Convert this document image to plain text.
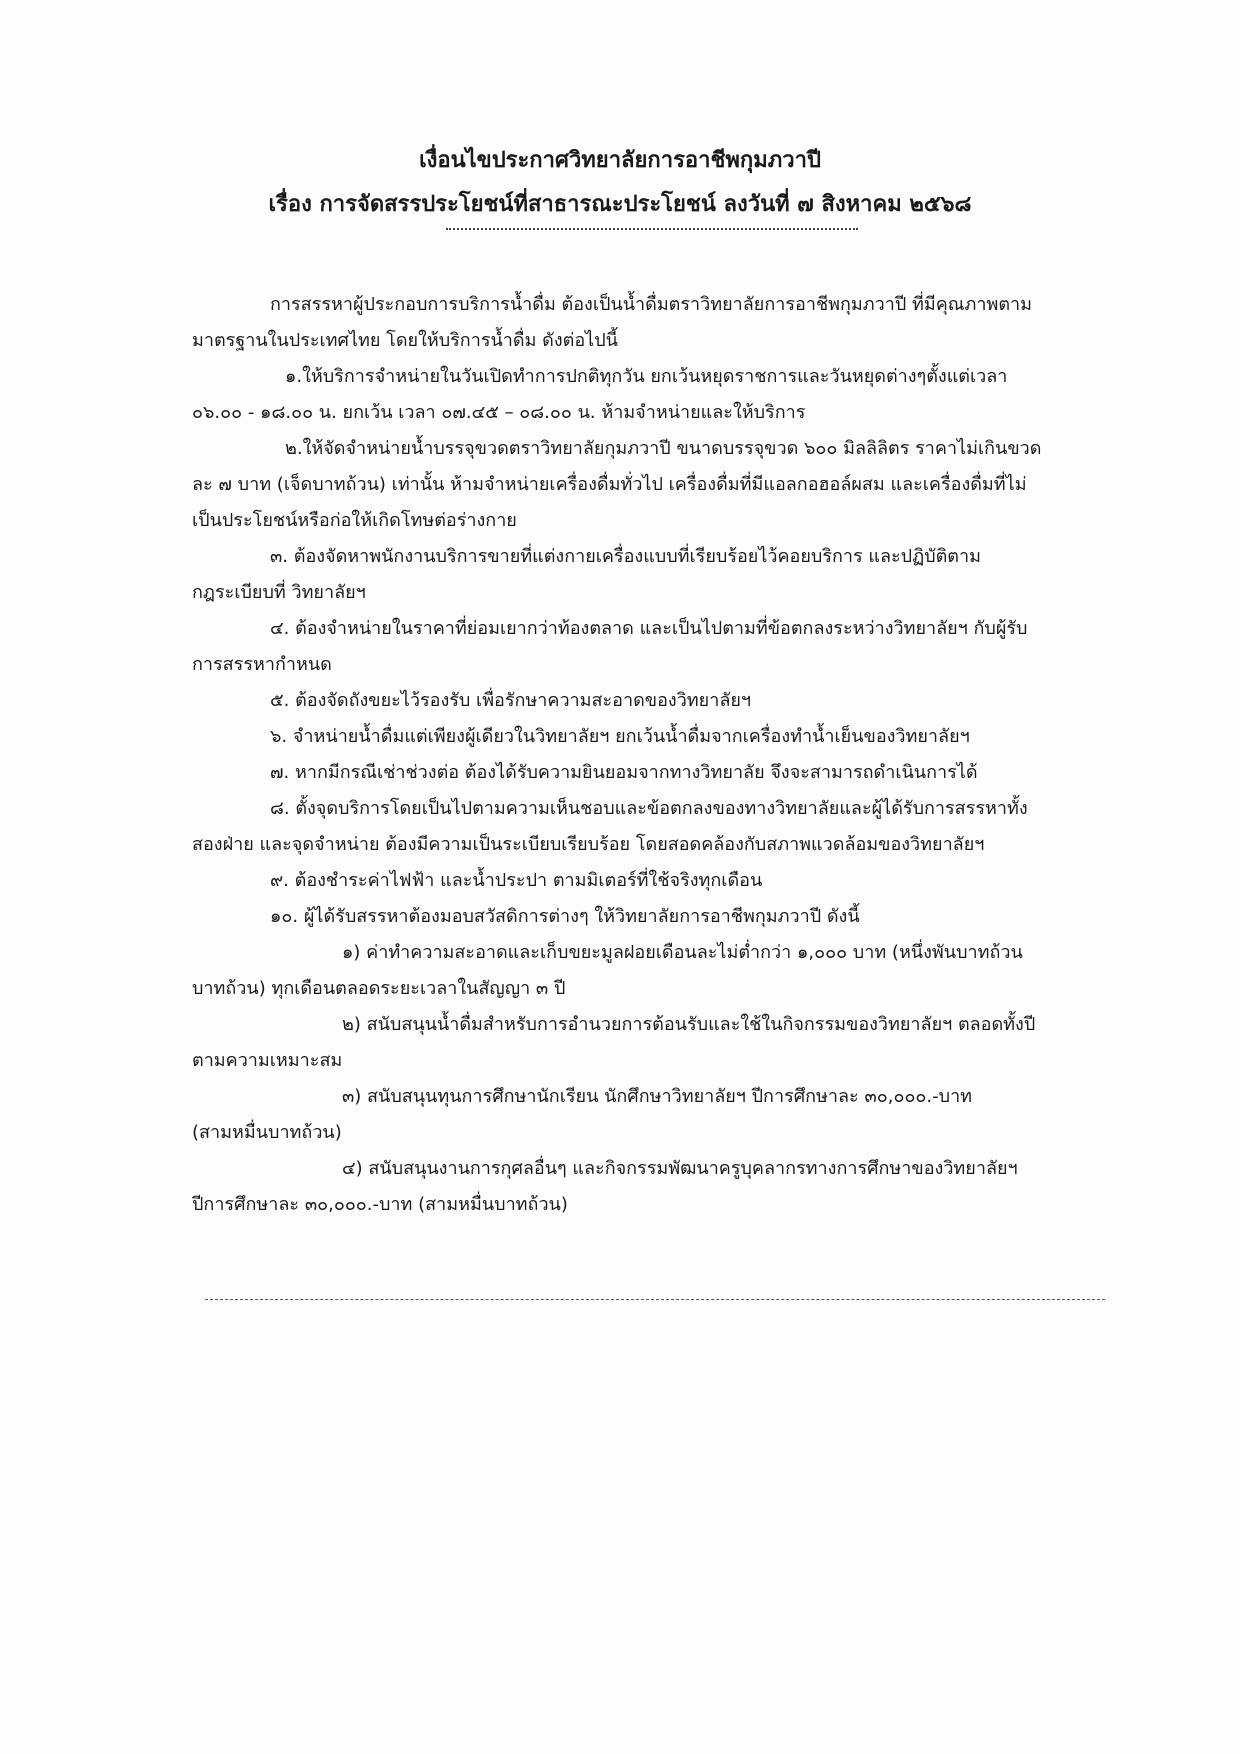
เงื่อนไขประกาศวิทยาลัยการอาชีพกุมภวาปี
เรื่อง การจัดสรรประโยชน์ที่สาธารณะประโยชน์ ลงวันที่ ๗ สิงหาคม ๒๕๖๘
การสรรหาผู้ประกอบการบริการน้ำดื่ม ต้องเป็นน้ำดื่มตราวิทยาลัยการอาชีพกุมภวาปี ที่มีคุณภาพตาม
มาตรฐานในประเทศไทย โดยให้บริการน้ำดื่ม ดังต่อไปนี้
๑.ให้บริการจำหน่ายในวันเปิดทำการปกติทุกวัน ยกเว้นหยุดราชการและวันหยุดต่างๆตั้งแต่เวลา
๐๖.๐๐ - ๑๘.๐๐ น. ยกเว้น เวลา ๐๗.๔๕ – ๐๘.๐๐ น. ห้ามจำหน่ายและให้บริการ
๒.ให้จัดจำหน่ายน้ำบรรจุขวดตราวิทยาลัยกุมภวาปี ขนาดบรรจุขวด ๖๐๐ มิลลิลิตร ราคาไม่เกินขวด
ละ ๗ บาท (เจ็ดบาทถ้วน) เท่านั้น ห้ามจำหน่ายเครื่องดื่มทั่วไป เครื่องดื่มที่มีแอลกอฮอล์ผสม และเครื่องดื่มที่ไม่
เป็นประโยชน์หรือก่อให้เกิดโทษต่อร่างกาย
๓. ต้องจัดหาพนักงานบริการขายที่แต่งกายเครื่องแบบที่เรียบร้อยไว้คอยบริการ และปฏิบัติตาม
กฎระเบียบที่ วิทยาลัยฯ
๔. ต้องจำหน่ายในราคาที่ย่อมเยากว่าท้องตลาด และเป็นไปตามที่ข้อตกลงระหว่างวิทยาลัยฯ กับผู้รับ
การสรรหากำหนด
๕. ต้องจัดถังขยะไว้รองรับ เพื่อรักษาความสะอาดของวิทยาลัยฯ
๖. จำหน่ายน้ำดื่มแต่เพียงผู้เดียวในวิทยาลัยฯ ยกเว้นน้ำดื่มจากเครื่องทำน้ำเย็นของวิทยาลัยฯ
๗. หากมีกรณีเช่าช่วงต่อ ต้องได้รับความยินยอมจากทางวิทยาลัย จึงจะสามารถดำเนินการได้
๘. ตั้งจุดบริการโดยเป็นไปตามความเห็นชอบและข้อตกลงของทางวิทยาลัยและผู้ได้รับการสรรหาทั้ง
สองฝ่าย และจุดจำหน่าย ต้องมีความเป็นระเบียบเรียบร้อย โดยสอดคล้องกับสภาพแวดล้อมของวิทยาลัยฯ
๙. ต้องชำระค่าไฟฟ้า และน้ำประปา ตามมิเตอร์ที่ใช้จริงทุกเดือน
๑๐. ผู้ได้รับสรรหาต้องมอบสวัสดิการต่างๆ ให้วิทยาลัยการอาชีพกุมภวาปี ดังนี้
๑) ค่าทำความสะอาดและเก็บขยะมูลฝอยเดือนละไม่ต่ำกว่า ๑,๐๐๐ บาท (หนึ่งพันบาทถ้วน
บาทถ้วน) ทุกเดือนตลอดระยะเวลาในสัญญา ๓ ปี
๒) สนับสนุนน้ำดื่มสำหรับการอำนวยการต้อนรับและใช้ในกิจกรรมของวิทยาลัยฯ ตลอดทั้งปี
ตามความเหมาะสม
๓) สนับสนุนทุนการศึกษานักเรียน นักศึกษาวิทยาลัยฯ ปีการศึกษาละ ๓๐,๐๐๐.-บาท
(สามหมื่นบาทถ้วน)
๔) สนับสนุนงานการกุศลอื่นๆ และกิจกรรมพัฒนาครูบุคลากรทางการศึกษาของวิทยาลัยฯ
ปีการศึกษาละ ๓๐,๐๐๐.-บาท (สามหมื่นบาทถ้วน)
